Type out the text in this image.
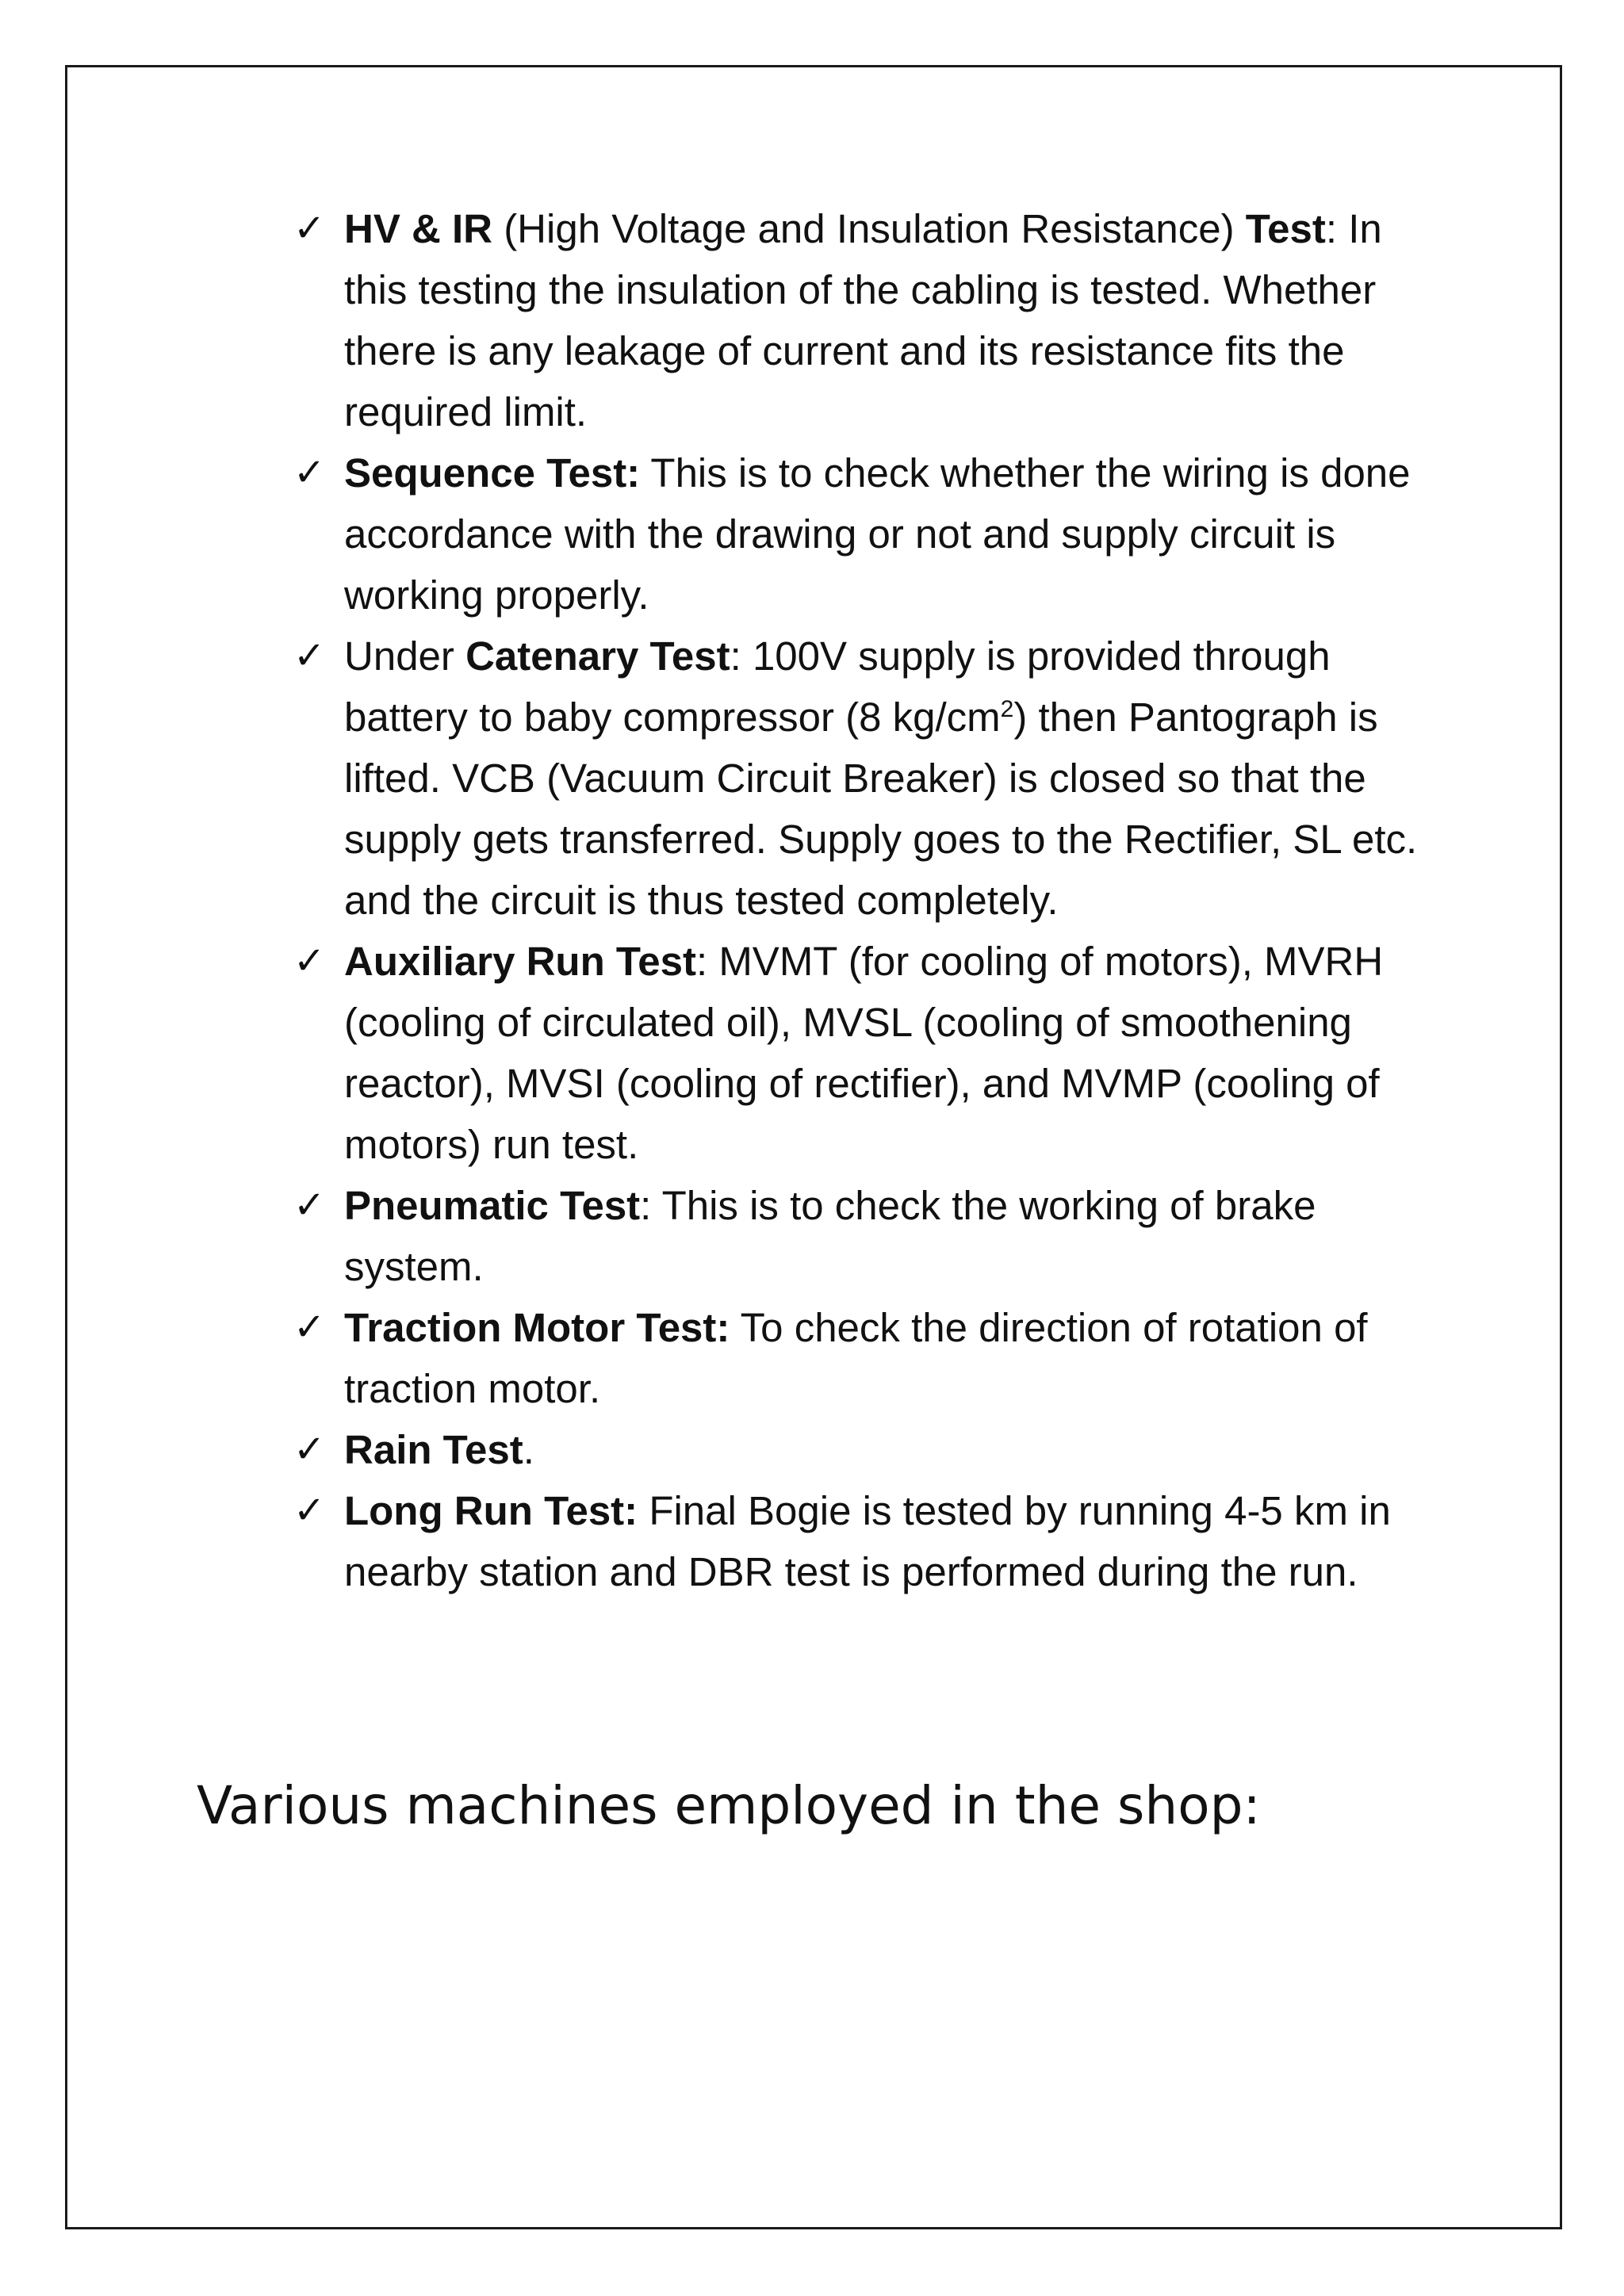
✓ HV & IR (High Voltage and Insulation Resistance) Test: In this testing the insulation of the cabling is tested. Whether there is any leakage of current and its resistance fits the required limit.
✓ Sequence Test: This is to check whether the wiring is done accordance with the drawing or not and supply circuit is working properly.
✓ Under Catenary Test: 100V supply is provided through battery to baby compressor (8 $kg/cm^2$) then Pantograph is lifted. VCB (Vacuum Circuit Breaker) is closed so that the supply gets transferred. Supply goes to the Rectifier, SL etc. and the circuit is thus tested completely.
✓ Auxiliary Run Test: MVMT (for cooling of motors), MVRH (cooling of circulated oil), MVSL (cooling of smoothening reactor), MVSI (cooling of rectifier), and MVMP (cooling of motors) run test.
✓ Pneumatic Test: This is to check the working of brake system.
✓ Traction Motor Test: To check the direction of rotation of traction motor.
✓ Rain Test.
✓ Long Run Test: Final Bogie is tested by running 4-5 km in nearby station and DBR test is performed during the run.
Various machines employed in the shop:
